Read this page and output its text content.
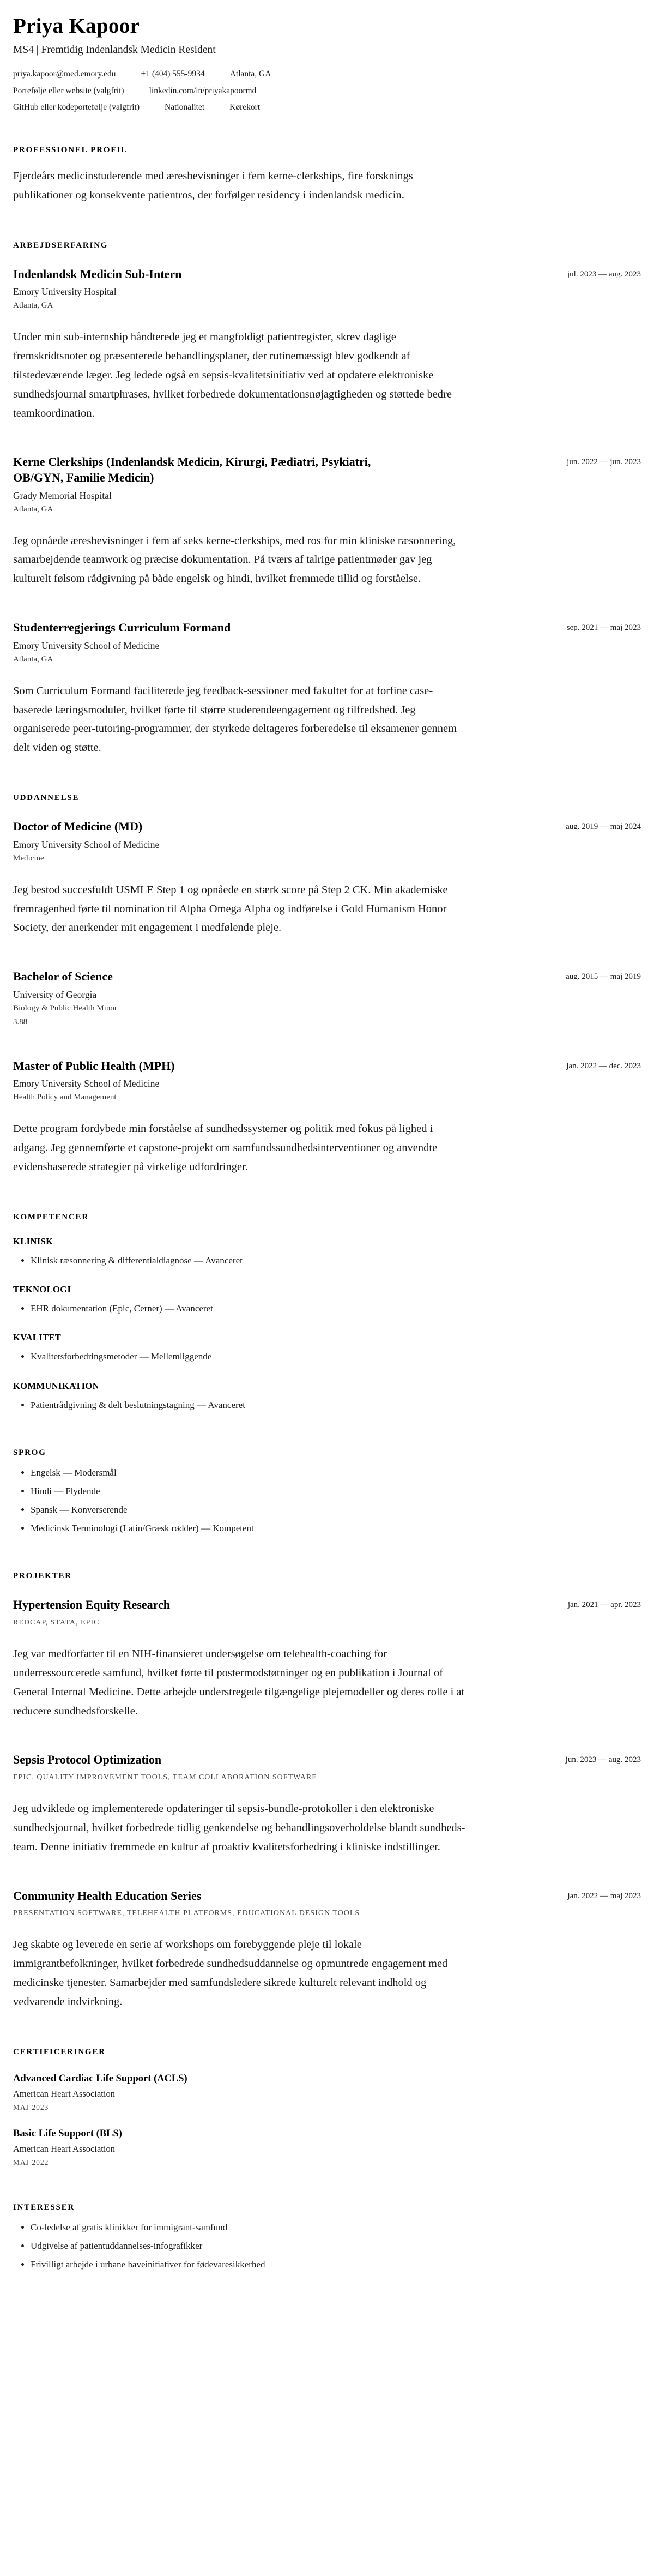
Priya Kapoor
MS4 | Fremtidig Indenlandsk Medicin Resident
priya.kapoor@med.emory.edu	+1 (404) 555-9934	Atlanta, GA
Portefølje eller website (valgfrit)	linkedin.com/in/priyakapoormd
GitHub eller kodeportefølje (valgfrit)	Nationalitet	Kørekort
PROFESSIONEL PROFIL

Fjerdeårs medicinstuderende med æresbevisninger i fem kerne-clerkships, fire forsknings publikationer og konsekvente patientros, der forfølger residency i indenlandsk medicin.

ARBEJDSERFARING
Indenlandsk Medicin Sub-Intern	jul. 2023 — aug. 2023
Emory University Hospital
Atlanta, GA

Under min sub-internship håndterede jeg et mangfoldigt patientregister, skrev daglige fremskridtsnoter og præsenterede behandlingsplaner, der rutinemæssigt blev godkendt af tilstedeværende læger. Jeg ledede også en sepsis-kvalitetsinitiativ ved at opdatere elektroniske sundhedsjournal smartphrases, hvilket forbedrede dokumentationsnøjagtigheden og støttede bedre teamkoordination.

Kerne Clerkships (Indenlandsk Medicin, Kirurgi, Pædiatri, Psykiatri, OB/GYN, Familie Medicin)
jun. 2022 — jun. 2023
Grady Memorial Hospital
Atlanta, GA

Jeg opnåede æresbevisninger i fem af seks kerne-clerkships, med ros for min kliniske ræsonnering, samarbejdende teamwork og præcise dokumentation. På tværs af talrige patientmøder gav jeg kulturelt følsom rådgivning på både engelsk og hindi, hvilket fremmede tillid og forståelse.

Studenterregjerings Curriculum Formand	sep. 2021 — maj 2023
Emory University School of Medicine
Atlanta, GA

Som Curriculum Formand faciliterede jeg feedback-sessioner med fakultet for at forfine case-baserede læringsmoduler, hvilket førte til større studerendeengagement og tilfredshed. Jeg organiserede peer-tutoring-programmer, der styrkede deltageres forberedelse til eksamener gennem delt viden og støtte.

UDDANNELSE
Doctor of Medicine (MD)	aug. 2019 — maj 2024
Emory University School of Medicine
Medicine

Jeg bestod succesfuldt USMLE Step 1 og opnåede en stærk score på Step 2 CK. Min akademiske fremragenhed førte til nomination til Alpha Omega Alpha og indførelse i Gold Humanism Honor Society, der anerkender mit engagement i medfølende pleje.

Bachelor of Science	aug. 2015 — maj 2019
University of Georgia
Biology & Public Health Minor
3.88
Master of Public Health (MPH)	jan. 2022 — dec. 2023
Emory University School of Medicine
Health Policy and Management

Dette program fordybede min forståelse af sundhedssystemer og politik med fokus på lighed i adgang. Jeg gennemførte et capstone-projekt om samfundssundhedsinterventioner og anvendte evidensbaserede strategier på virkelige udfordringer.

KOMPETENCER
KLINISK
• Klinisk ræsonnering & differentialdiagnose — Avanceret
TEKNOLOGI
• EHR dokumentation (Epic, Cerner) — Avanceret
KVALITET
• Kvalitetsforbedringsmetoder — Mellemliggende
KOMMUNIKATION
• Patientrådgivning & delt beslutningstagning — Avanceret
SPROG
• Engelsk — Modersmål
• Hindi — Flydende
• Spansk — Konverserende
• Medicinsk Terminologi (Latin/Græsk rødder) — Kompetent
PROJEKTER
Hypertension Equity Research	jan. 2021 — apr. 2023
REDCAP, STATA, EPIC

Jeg var medforfatter til en NIH-finansieret undersøgelse om telehealth-coaching for underressourcerede samfund, hvilket førte til postermodstøtninger og en publikation i Journal of General Internal Medicine. Dette arbejde understregede tilgængelige plejemodeller og deres rolle i at reducere sundhedsforskelle.

Sepsis Protocol Optimization	jun. 2023 — aug. 2023
EPIC, QUALITY IMPROVEMENT TOOLS, TEAM COLLABORATION SOFTWARE

Jeg udviklede og implementerede opdateringer til sepsis-bundle-protokoller i den elektroniske sundhedsjournal, hvilket forbedrede tidlig genkendelse og behandlingsoverholdelse blandt sundheds-team. Denne initiativ fremmede en kultur af proaktiv kvalitetsforbedring i kliniske indstillinger.

Community Health Education Series	jan. 2022 — maj 2023
PRESENTATION SOFTWARE, TELEHEALTH PLATFORMS, EDUCATIONAL DESIGN TOOLS

Jeg skabte og leverede en serie af workshops om forebyggende pleje til lokale immigrantbefolkninger, hvilket forbedrede sundhedsuddannelse og opmuntrede engagement med medicinske tjenester. Samarbejder med samfundsledere sikrede kulturelt relevant indhold og vedvarende indvirkning.

CERTIFICERINGER
Advanced Cardiac Life Support (ACLS)
American Heart Association
MAJ 2023
Basic Life Support (BLS)
American Heart Association
MAJ 2022
INTERESSER
• Co-ledelse af gratis klinikker for immigrant-samfund
• Udgivelse af patientuddannelses-infografikker
• Frivilligt arbejde i urbane haveinitiativer for fødevaresikkerhed
